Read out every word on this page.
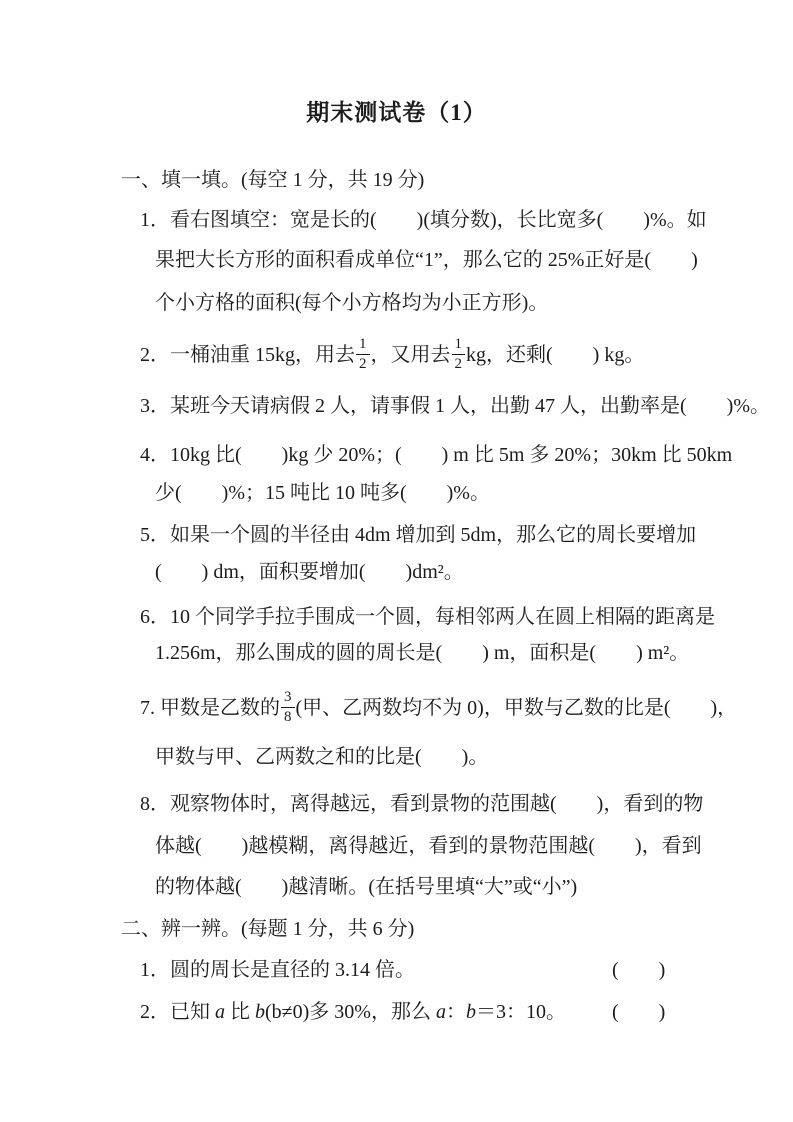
期末测试卷（1）
一、填一填。(每空 1 分，共 19 分)
1．看右图填空：宽是长的(　　)(填分数)，长比宽多(　　)%。如
果把大长方形的面积看成单位“1”，那么它的 25%正好是(　　)
个小方格的面积(每个小方格均为小正方形)。
2．一桶油重 15kg，用去 $\frac{1}{2}$ ，又用去 $\frac{1}{2}$ kg，还剩(　　) kg。
3．某班今天请病假 2 人，请事假 1 人，出勤 47 人，出勤率是(　　)%。
4．10kg 比(　　)kg 少 20%；(　　) m 比 5m 多 20%；30km 比 50km
少(　　)%；15 吨比 10 吨多(　　)%。
5．如果一个圆的半径由 4dm 增加到 5dm，那么它的周长要增加
(　　) dm，面积要增加(　　)dm²。
6．10 个同学手拉手围成一个圆，每相邻两人在圆上相隔的距离是
1.256m，那么围成的圆的周长是(　　) m，面积是(　　) m²。
7. 甲数是乙数的 $\frac{3}{8}$ (甲、乙两数均不为 0)，甲数与乙数的比是(　　)，
甲数与甲、乙两数之和的比是(　　)。
8．观察物体时，离得越远，看到景物的范围越(　　)，看到的物
体越(　　)越模糊，离得越近，看到的景物范围越(　　)，看到
的物体越(　　)越清晰。(在括号里填“大”或“小”)
二、辨一辨。(每题 1 分，共 6 分)
1．圆的周长是直径的 3.14 倍。	(　　)
2．已知 a 比 b(b≠0)多 30%，那么 a：b＝3：10。 (　　)
